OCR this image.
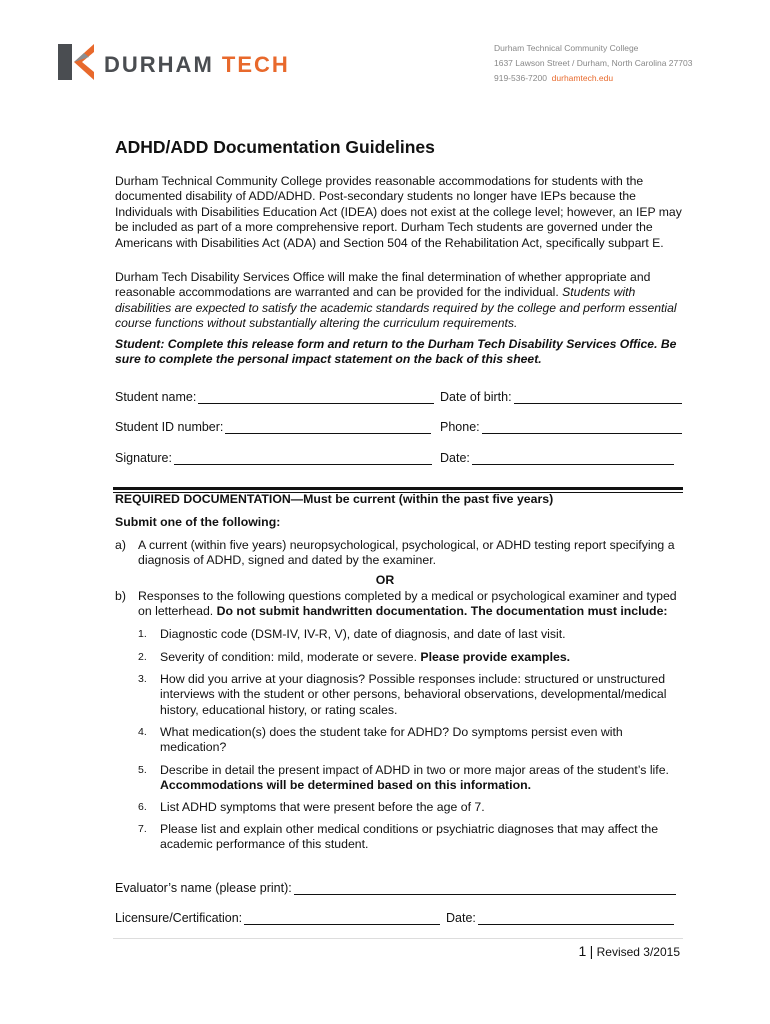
DURHAM TECH
Durham Technical Community College
1637 Lawson Street / Durham, North Carolina 27703
919-536-7200 durhamtech.edu
ADHD/ADD Documentation Guidelines

Durham Technical Community College provides reasonable accommodations for students with the documented disability of ADD/ADHD. Post-secondary students no longer have IEPs because the Individuals with Disabilities Education Act (IDEA) does not exist at the college level; however, an IEP may be included as part of a more comprehensive report. Durham Tech students are governed under the Americans with Disabilities Act (ADA) and Section 504 of the Rehabilitation Act, specifically subpart E.

Durham Tech Disability Services Office will make the final determination of whether appropriate and reasonable accommodations are warranted and can be provided for the individual. Students with disabilities are expected to satisfy the academic standards required by the college and perform essential course functions without substantially altering the curriculum requirements.

Student: Complete this release form and return to the Durham Tech Disability Services Office. Be sure to complete the personal impact statement on the back of this sheet.

Student name:	Date of birth:
Student ID number:	Phone:
Signature:	Date:
REQUIRED DOCUMENTATION—Must be current (within the past five years)
Submit one of the following:
a) A current (within five years) neuropsychological, psychological, or ADHD testing report specifying a diagnosis of ADHD, signed and dated by the examiner.
OR
b) Responses to the following questions completed by a medical or psychological examiner and typed on letterhead. Do not submit handwritten documentation. The documentation must include:
1. Diagnostic code (DSM-IV, IV-R, V), date of diagnosis, and date of last visit.
2. Severity of condition: mild, moderate or severe. Please provide examples.
3. How did you arrive at your diagnosis? Possible responses include: structured or unstructured interviews with the student or other persons, behavioral observations, developmental/medical history, educational history, or rating scales.
4. What medication(s) does the student take for ADHD? Do symptoms persist even with medication?
5. Describe in detail the present impact of ADHD in two or more major areas of the student’s life. Accommodations will be determined based on this information.
6. List ADHD symptoms that were present before the age of 7.
7. Please list and explain other medical conditions or psychiatric diagnoses that may affect the academic performance of this student.
Evaluator’s name (please print):
Licensure/Certification:	Date:
1 | Revised 3/2015
